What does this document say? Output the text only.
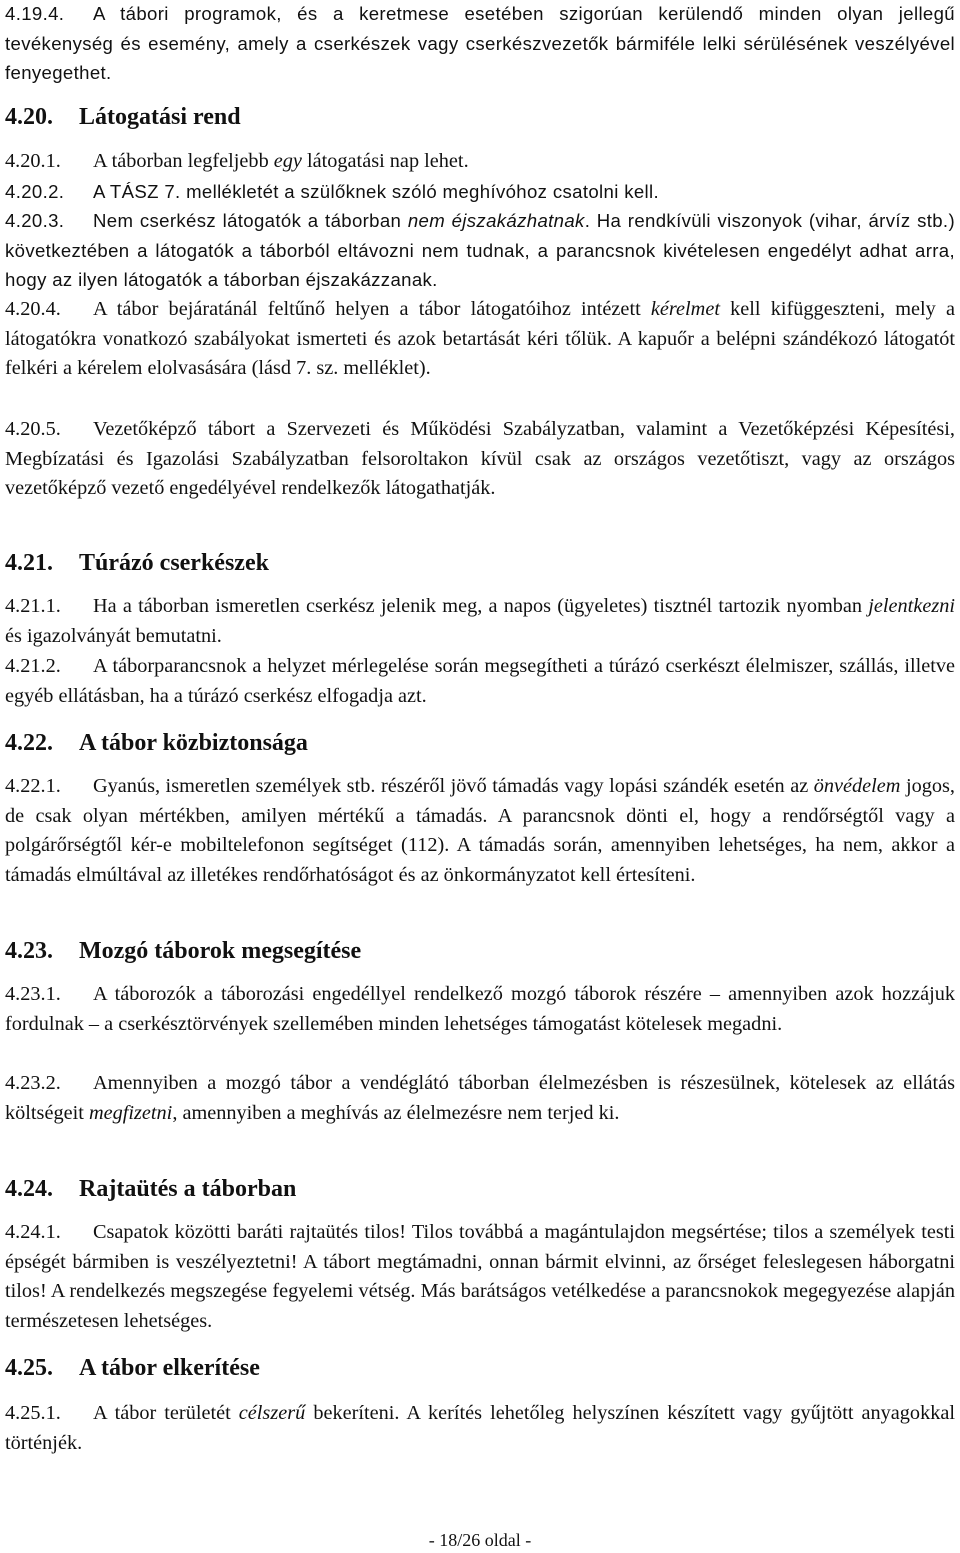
4.19.4. A tábori programok, és a keretmese esetében szigorúan kerülendő minden olyan jellegű tevékenység és esemény, amely a cserkészek vagy cserkészvezetők bármiféle lelki sérülésének veszélyével fenyegethet.

4.20. Látogatási rend

4.20.1. A táborban legfeljebb egy látogatási nap lehet.

4.20.2. A TÁSZ 7. mellékletét a szülőknek szóló meghívóhoz csatolni kell.

4.20.3. Nem cserkész látogatók a táborban nem éjszakázhatnak. Ha rendkívüli viszonyok (vihar, árvíz stb.) következtében a látogatók a táborból eltávozni nem tudnak, a parancsnok kivételesen engedélyt adhat arra, hogy az ilyen látogatók a táborban éjszakázzanak.

4.20.4. A tábor bejáratánál feltűnő helyen a tábor látogatóihoz intézett kérelmet kell kifüggeszteni, mely a látogatókra vonatkozó szabályokat ismerteti és azok betartását kéri tőlük. A kapuőr a belépni szándékozó látogatót felkéri a kérelem elolvasására (lásd 7. sz. melléklet).

4.20.5. Vezetőképző tábort a Szervezeti és Működési Szabályzatban, valamint a Vezetőképzési Képesítési, Megbízatási és Igazolási Szabályzatban felsoroltakon kívül csak az országos vezetőtiszt, vagy az országos vezetőképző vezető engedélyével rendelkezők látogathatják.

4.21. Túrázó cserkészek

4.21.1. Ha a táborban ismeretlen cserkész jelenik meg, a napos (ügyeletes) tisztnél tartozik nyomban jelentkezni és igazolványát bemutatni.

4.21.2. A táborparancsnok a helyzet mérlegelése során megsegítheti a túrázó cserkészt élelmiszer, szállás, illetve egyéb ellátásban, ha a túrázó cserkész elfogadja azt.

4.22. A tábor közbiztonsága

4.22.1. Gyanús, ismeretlen személyek stb. részéről jövő támadás vagy lopási szándék esetén az önvédelem jogos, de csak olyan mértékben, amilyen mértékű a támadás. A parancsnok dönti el, hogy a rendőrségtől vagy a polgárőrségtől kér-e mobiltelefonon segítséget (112). A támadás során, amennyiben lehetséges, ha nem, akkor a támadás elmúltával az illetékes rendőrhatóságot és az önkormányzatot kell értesíteni.

4.23. Mozgó táborok megsegítése

4.23.1. A táborozók a táborozási engedéllyel rendelkező mozgó táborok részére – amennyiben azok hozzájuk fordulnak – a cserkésztörvények szellemében minden lehetséges támogatást kötelesek megadni.

4.23.2. Amennyiben a mozgó tábor a vendéglátó táborban élelmezésben is részesülnek, kötelesek az ellátás költségeit megfizetni, amennyiben a meghívás az élelmezésre nem terjed ki.

4.24. Rajtaütés a táborban

4.24.1. Csapatok közötti baráti rajtaütés tilos! Tilos továbbá a magántulajdon megsértése; tilos a személyek testi épségét bármiben is veszélyeztetni! A tábort megtámadni, onnan bármit elvinni, az őrséget feleslegesen háborgatni tilos! A rendelkezés megszegése fegyelemi vétség. Más barátságos vetélkedése a parancsnokok megegyezése alapján természetesen lehetséges.

4.25. A tábor elkerítése

4.25.1. A tábor területét célszerű bekeríteni. A kerítés lehetőleg helyszínen készített vagy gyűjtött anyagokkal történjék.

- 18/26 oldal -
